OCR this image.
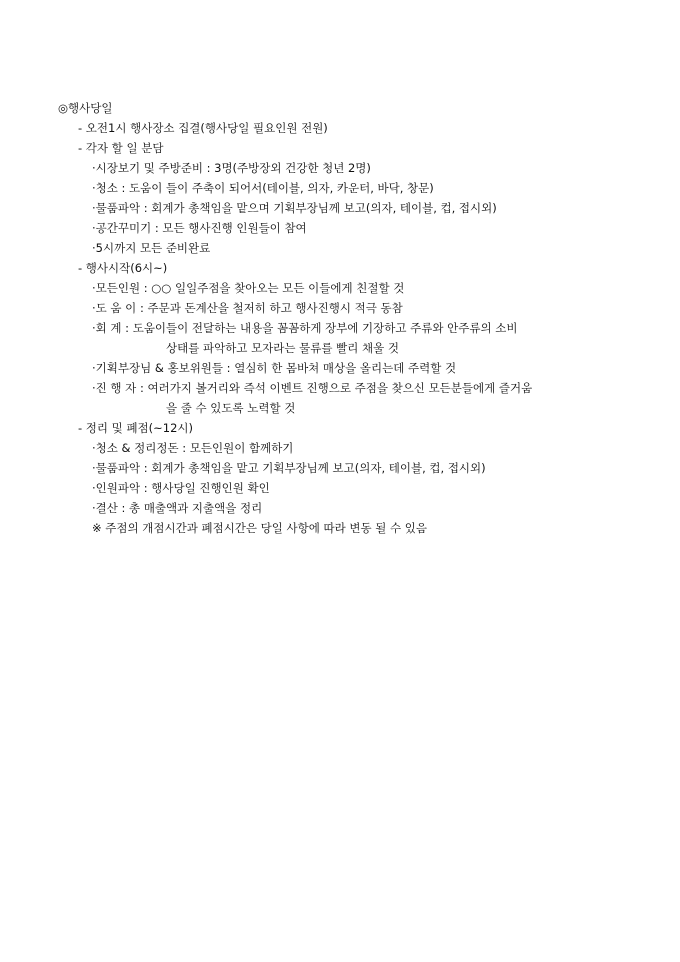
◎행사당일
- 오전1시 행사장소 집결(행사당일 필요인원 전원)
- 각자 할 일 분담
·시장보기 및 주방준비 : 3명(주방장외 건강한 청년 2명)
·청소 : 도움이 들이 주축이 되어서(테이블, 의자, 카운터, 바닥, 창문)
·물품파악 : 회계가 총책임을 맡으며 기획부장님께 보고(의자, 테이블, 컵, 접시외)
·공간꾸미기 : 모든 행사진행 인원들이 참여
·5시까지 모든 준비완료
- 행사시작(6시~)
·모든인원 : ○○ 일일주점을 찾아오는 모든 이들에게 친절할 것
·도 움 이 : 주문과 돈계산을 철저히 하고 행사진행시 적극 동참
·회 계 : 도움이들이 전달하는 내용을 꼼꼼하게 장부에 기장하고 주류와 안주류의 소비
상태를 파악하고 모자라는 물류를 빨리 채울 것
·기획부장님 & 홍보위원들 : 열심히 한 몸바쳐 매상을 올리는데 주력할 것
·진 행 자 : 여러가지 볼거리와 즉석 이벤트 진행으로 주점을 찾으신 모든분들에게 즐거움
을 줄 수 있도록 노력할 것
- 정리 및 폐점(~12시)
·청소 & 정리정돈 : 모든인원이 함께하기
·물품파악 : 회계가 총책임을 맡고 기획부장님께 보고(의자, 테이블, 컵, 접시외)
·인원파악 : 행사당일 진행인원 확인
·결산 : 총 매출액과 지출액을 정리
※ 주점의 개점시간과 폐점시간은 당일 사항에 따라 변동 될 수 있음
